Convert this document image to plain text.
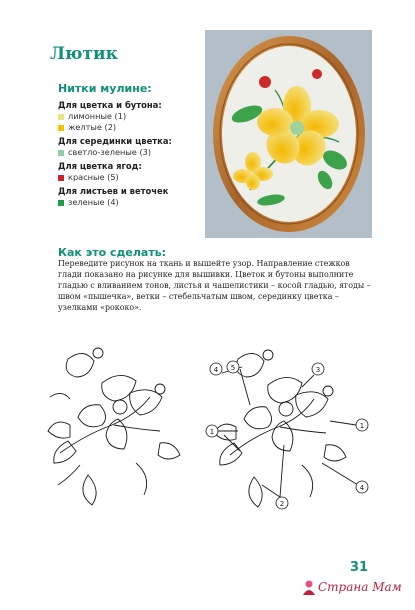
Лютик
Нитки мулине:
Для цветка и бутона:
лимонные (1)
желтые (2)
Для серединки цветка:
светло-зеленые (3)
Для цветка ягод:
красные (5)
Для листьев и веточек
зеленые (4)
Как это сделать:
Переведите рисунок на ткань и вышейте узор. Направление стежков глади показано на рисунке для вышивки. Цветок и бутоны выполните гладью с вливанием тонов, листья и чашелистики – косой гладью, ягоды – швом «пышечка», ветки – стебельчатым швом, серединку цветка – узелками «рококо».
4 5	3
1
1
2
4
31
Страна Мам
